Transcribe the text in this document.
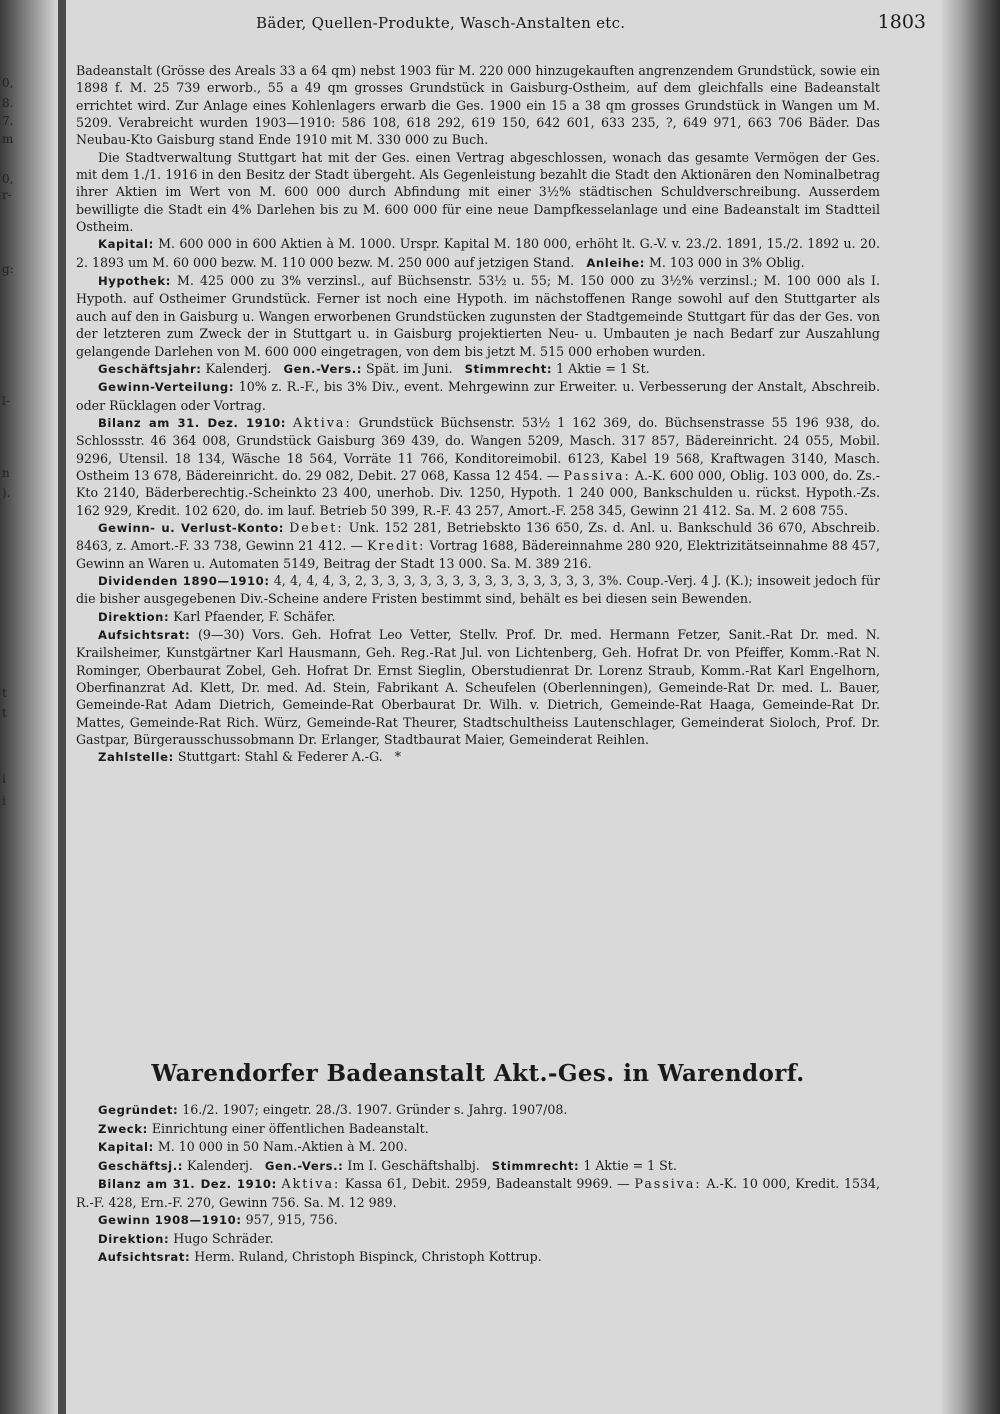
0,
8.
7.
m
0,
r-
g:
l-
n
).
t
t
i
i
Bäder, Quellen-Produkte, Wasch-Anstalten etc.	1803

Badeanstalt (Grösse des Areals 33 a 64 qm) nebst 1903 für M. 220 000 hinzugekauften angrenzendem Grundstück, sowie ein 1898 f. M. 25 739 erworb., 55 a 49 qm grosses Grundstück in Gaisburg-Ostheim, auf dem gleichfalls eine Badeanstalt errichtet wird. Zur Anlage eines Kohlenlagers erwarb die Ges. 1900 ein 15 a 38 qm grosses Grundstück in Wangen um M. 5209. Verabreicht wurden 1903—1910: 586 108, 618 292, 619 150, 642 601, 633 235, ?, 649 971, 663 706 Bäder. Das Neubau-Kto Gaisburg stand Ende 1910 mit M. 330 000 zu Buch.

Die Stadtverwaltung Stuttgart hat mit der Ges. einen Vertrag abgeschlossen, wonach das gesamte Vermögen der Ges. mit dem 1./1. 1916 in den Besitz der Stadt übergeht. Als Gegenleistung bezahlt die Stadt den Aktionären den Nominalbetrag ihrer Aktien im Wert von M. 600 000 durch Abfindung mit einer 3½% städtischen Schuldverschreibung. Ausserdem bewilligte die Stadt ein 4% Darlehen bis zu M. 600 000 für eine neue Dampfkesselanlage und eine Badeanstalt im Stadtteil Ostheim.

Kapital: M. 600 000 in 600 Aktien à M. 1000. Urspr. Kapital M. 180 000, erhöht lt. G.-V. v. 23./2. 1891, 15./2. 1892 u. 20. 2. 1893 um M. 60 000 bezw. M. 110 000 bezw. M. 250 000 auf jetzigen Stand. Anleihe: M. 103 000 in 3% Oblig.

Hypothek: M. 425 000 zu 3% verzinsl., auf Büchsenstr. 53½ u. 55; M. 150 000 zu 3½% verzinsl.; M. 100 000 als I. Hypoth. auf Ostheimer Grundstück. Ferner ist noch eine Hypoth. im nächstoffenen Range sowohl auf den Stuttgarter als auch auf den in Gaisburg u. Wangen erworbenen Grundstücken zugunsten der Stadtgemeinde Stuttgart für das der Ges. von der letzteren zum Zweck der in Stuttgart u. in Gaisburg projektierten Neu- u. Umbauten je nach Bedarf zur Auszahlung gelangende Darlehen von M. 600 000 eingetragen, von dem bis jetzt M. 515 000 erhoben wurden.

Geschäftsjahr: Kalenderj. Gen.-Vers.: Spät. im Juni. Stimmrecht: 1 Aktie = 1 St.

Gewinn-Verteilung: 10% z. R.-F., bis 3% Div., event. Mehrgewinn zur Erweiter. u. Verbesserung der Anstalt, Abschreib. oder Rücklagen oder Vortrag.

Bilanz am 31. Dez. 1910: Aktiva: Grundstück Büchsenstr. 53½ 1 162 369, do. Büchsenstrasse 55 196 938, do. Schlossstr. 46 364 008, Grundstück Gaisburg 369 439, do. Wangen 5209, Masch. 317 857, Bädereinricht. 24 055, Mobil. 9296, Utensil. 18 134, Wäsche 18 564, Vorräte 11 766, Konditoreimobil. 6123, Kabel 19 568, Kraftwagen 3140, Masch. Ostheim 13 678, Bädereinricht. do. 29 082, Debit. 27 068, Kassa 12 454. — Passiva: A.-K. 600 000, Oblig. 103 000, do. Zs.-Kto 2140, Bäderberechtig.-Scheinkto 23 400, unerhob. Div. 1250, Hypoth. 1 240 000, Bankschulden u. rückst. Hypoth.-Zs. 162 929, Kredit. 102 620, do. im lauf. Betrieb 50 399, R.-F. 43 257, Amort.-F. 258 345, Gewinn 21 412. Sa. M. 2 608 755.

Gewinn- u. Verlust-Konto: Debet: Unk. 152 281, Betriebskto 136 650, Zs. d. Anl. u. Bankschuld 36 670, Abschreib. 8463, z. Amort.-F. 33 738, Gewinn 21 412. — Kredit: Vortrag 1688, Bädereinnahme 280 920, Elektrizitätseinnahme 88 457, Gewinn an Waren u. Automaten 5149, Beitrag der Stadt 13 000. Sa. M. 389 216.

Dividenden 1890—1910: 4, 4, 4, 4, 3, 2, 3, 3, 3, 3, 3, 3, 3, 3, 3, 3, 3, 3, 3, 3, 3%. Coup.-Verj. 4 J. (K.); insoweit jedoch für die bisher ausgegebenen Div.-Scheine andere Fristen bestimmt sind, behält es bei diesen sein Bewenden.

Direktion: Karl Pfaender, F. Schäfer.

Aufsichtsrat: (9—30) Vors. Geh. Hofrat Leo Vetter, Stellv. Prof. Dr. med. Hermann Fetzer, Sanit.-Rat Dr. med. N. Krailsheimer, Kunstgärtner Karl Hausmann, Geh. Reg.-Rat Jul. von Lichtenberg, Geh. Hofrat Dr. von Pfeiffer, Komm.-Rat N. Rominger, Oberbaurat Zobel, Geh. Hofrat Dr. Ernst Sieglin, Oberstudienrat Dr. Lorenz Straub, Komm.-Rat Karl Engelhorn, Oberfinanzrat Ad. Klett, Dr. med. Ad. Stein, Fabrikant A. Scheufelen (Oberlenningen), Gemeinde-Rat Dr. med. L. Bauer, Gemeinde-Rat Adam Dietrich, Gemeinde-Rat Oberbaurat Dr. Wilh. v. Dietrich, Gemeinde-Rat Haaga, Gemeinde-Rat Dr. Mattes, Gemeinde-Rat Rich. Würz, Gemeinde-Rat Theurer, Stadtschultheiss Lautenschlager, Gemeinderat Sioloch, Prof. Dr. Gastpar, Bürgerausschussobmann Dr. Erlanger, Stadtbaurat Maier, Gemeinderat Reihlen.

Zahlstelle: Stuttgart: Stahl & Federer A.-G. *

Warendorfer Badeanstalt Akt.-Ges. in Warendorf.

Gegründet: 16./2. 1907; eingetr. 28./3. 1907. Gründer s. Jahrg. 1907/08.

Zweck: Einrichtung einer öffentlichen Badeanstalt.

Kapital: M. 10 000 in 50 Nam.-Aktien à M. 200.

Geschäftsj.: Kalenderj. Gen.-Vers.: Im I. Geschäftshalbj. Stimmrecht: 1 Aktie = 1 St.

Bilanz am 31. Dez. 1910: Aktiva: Kassa 61, Debit. 2959, Badeanstalt 9969. — Passiva: A.-K. 10 000, Kredit. 1534, R.-F. 428, Ern.-F. 270, Gewinn 756. Sa. M. 12 989.

Gewinn 1908—1910: 957, 915, 756.

Direktion: Hugo Schräder.

Aufsichtsrat: Herm. Ruland, Christoph Bispinck, Christoph Kottrup.
